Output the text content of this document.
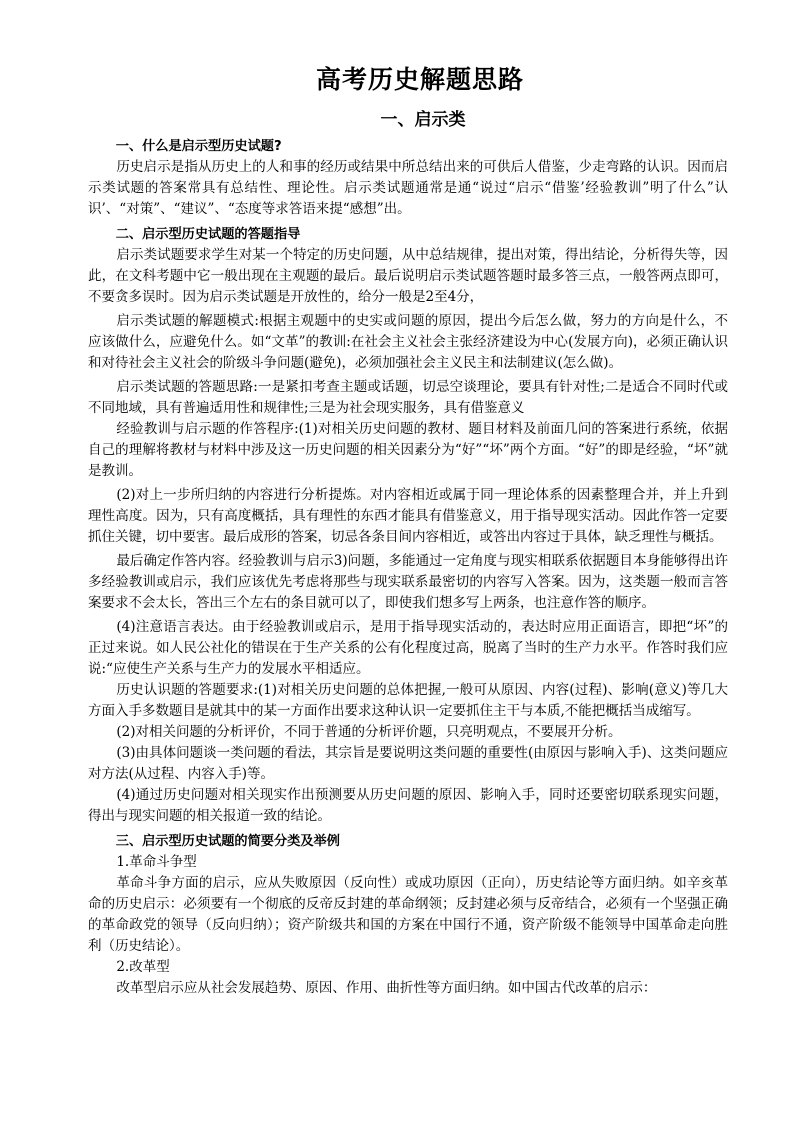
高考历史解题思路
一、启示类

一、什么是启示型历史试题?

历史启示是指从历史上的人和事的经历或结果中所总结出来的可供后人借鉴，少走弯路的认识。因而启示类试题的答案常具有总结性、理论性。启示类试题通常是通“说过“启示“借鉴’经验教训”明了什么”认识’、“对策”、“建议”、“态度等求答语来提“感想”出。

二、启示型历史试题的答题指导

启示类试题要求学生对某一个特定的历史问题，从中总结规律，提出对策，得出结论，分析得失等，因此，在文科考题中它一般出现在主观题的最后。最后说明启示类试题答题时最多答三点，一般答两点即可，不要贪多误时。因为启示类试题是开放性的，给分一般是2至4分，

启示类试题的解题模式:根据主观题中的史实或问题的原因，提出今后怎么做，努力的方向是什么，不应该做什么，应避免什么。如“文革”的教训:在社会主义社会主张经济建设为中心(发展方向)，必须正确认识和对待社会主义社会的阶级斗争问题(避免)，必须加强社会主义民主和法制建议(怎么做)。

启示类试题的答题思路:一是紧扣考查主题或话题，切忌空谈理论，要具有针对性;二是适合不同时代或不同地域，具有普遍适用性和规律性;三是为社会现实服务，具有借鉴意义

经验教训与启示题的作答程序:(1)对相关历史问题的教材、题目材料及前面几问的答案进行系统，依据自己的理解将教材与材料中涉及这一历史问题的相关因素分为“好”“坏”两个方面。“好”的即是经验，“坏”就是教训。

(2)对上一步所归纳的内容进行分析提炼。对内容相近或属于同一理论体系的因素整理合并，并上升到理性高度。因为，只有高度概括，具有理性的东西才能具有借鉴意义，用于指导现实活动。因此作答一定要抓住关键，切中要害。最后成形的答案，切忌各条目间内容相近，或答出内容过于具体，缺乏理性与概括。

最后确定作答内容。经验教训与启示3)问题，多能通过一定角度与现实相联系依据题目本身能够得出许多经验教训或启示，我们应该优先考虑将那些与现实联系最密切的内容写入答案。因为，这类题一般而言答案要求不会太长，答出三个左右的条目就可以了，即使我们想多写上两条，也注意作答的顺序。

(4)注意语言表达。由于经验教训或启示，是用于指导现实活动的，表达时应用正面语言，即把“坏”的正过来说。如人民公社化的错误在于生产关系的公有化程度过高，脱离了当时的生产力水平。作答时我们应说:“应使生产关系与生产力的发展水平相适应。

历史认识题的答题要求:(1)对相关历史问题的总体把握,一般可从原因、内容(过程)、影响(意义)等几大方面入手多数题目是就其中的某一方面作出要求这种认识一定要抓住主干与本质,不能把概括当成缩写。

(2)对相关问题的分析评价，不同于普通的分析评价题，只亮明观点，不要展开分析。

(3)由具体问题谈一类问题的看法，其宗旨是要说明这类问题的重要性(由原因与影响入手)、这类问题应对方法(从过程、内容入手)等。

(4)通过历史问题对相关现实作出预测要从历史问题的原因、影响入手，同时还要密切联系现实问题，得出与现实问题的相关报道一致的结论。

三、启示型历史试题的简要分类及举例

1.革命斗争型

革命斗争方面的启示，应从失败原因（反向性）或成功原因（正向），历史结论等方面归纳。如辛亥革命的历史启示：必须要有一个彻底的反帝反封建的革命纲领；反封建必须与反帝结合，必须有一个坚强正确的革命政党的领导（反向归纳）；资产阶级共和国的方案在中国行不通，资产阶级不能领导中国革命走向胜利（历史结论）。

2.改革型

改革型启示应从社会发展趋势、原因、作用、曲折性等方面归纳。如中国古代改革的启示：
